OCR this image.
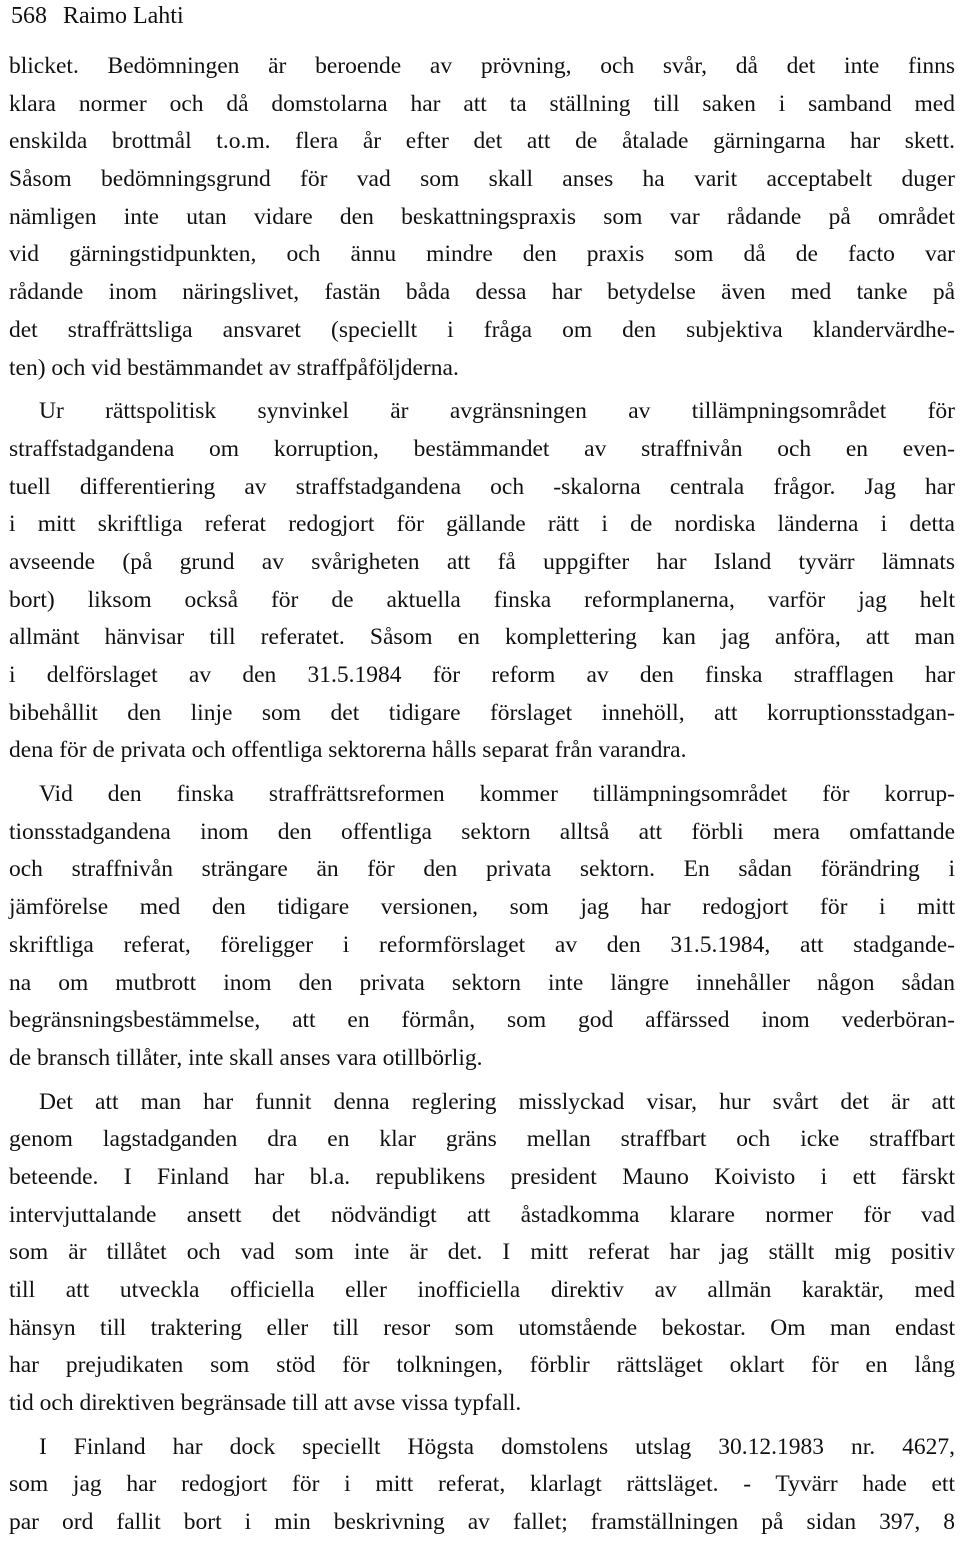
568 Raimo Lahti

blicket. Bedömningen är beroende av prövning, och svår, då det inte finns
klara normer och då domstolarna har att ta ställning till saken i samband med
enskilda brottmål t.o.m. flera år efter det att de åtalade gärningarna har skett.
Såsom bedömningsgrund för vad som skall anses ha varit acceptabelt duger
nämligen inte utan vidare den beskattningspraxis som var rådande på området
vid gärningstidpunkten, och ännu mindre den praxis som då de facto var
rådande inom näringslivet, fastän båda dessa har betydelse även med tanke på
det straffrättsliga ansvaret (speciellt i fråga om den subjektiva klandervärdhe-
ten) och vid bestämmandet av straffpåföljderna.

Ur rättspolitisk synvinkel är avgränsningen av tillämpningsområdet för
straffstadgandena om korruption, bestämmandet av straffnivån och en even-
tuell differentiering av straffstadgandena och -skalorna centrala frågor. Jag har
i mitt skriftliga referat redogjort för gällande rätt i de nordiska länderna i detta
avseende (på grund av svårigheten att få uppgifter har Island tyvärr lämnats
bort) liksom också för de aktuella finska reformplanerna, varför jag helt
allmänt hänvisar till referatet. Såsom en komplettering kan jag anföra, att man
i delförslaget av den 31.5.1984 för reform av den finska strafflagen har
bibehållit den linje som det tidigare förslaget innehöll, att korruptionsstadgan-
dena för de privata och offentliga sektorerna hålls separat från varandra.

Vid den finska straffrättsreformen kommer tillämpningsområdet för korrup-
tionsstadgandena inom den offentliga sektorn alltså att förbli mera omfattande
och straffnivån strängare än för den privata sektorn. En sådan förändring i
jämförelse med den tidigare versionen, som jag har redogjort för i mitt
skriftliga referat, föreligger i reformförslaget av den 31.5.1984, att stadgande-
na om mutbrott inom den privata sektorn inte längre innehåller någon sådan
begränsningsbestämmelse, att en förmån, som god affärssed inom vederböran-
de bransch tillåter, inte skall anses vara otillbörlig.

Det att man har funnit denna reglering misslyckad visar, hur svårt det är att
genom lagstadganden dra en klar gräns mellan straffbart och icke straffbart
beteende. I Finland har bl.a. republikens president Mauno Koivisto i ett färskt
intervjuttalande ansett det nödvändigt att åstadkomma klarare normer för vad
som är tillåtet och vad som inte är det. I mitt referat har jag ställt mig positiv
till att utveckla officiella eller inofficiella direktiv av allmän karaktär, med
hänsyn till traktering eller till resor som utomstående bekostar. Om man endast
har prejudikaten som stöd för tolkningen, förblir rättsläget oklart för en lång
tid och direktiven begränsade till att avse vissa typfall.

I Finland har dock speciellt Högsta domstolens utslag 30.12.1983 nr. 4627,
som jag har redogjort för i mitt referat, klarlagt rättsläget. - Tyvärr hade ett
par ord fallit bort i min beskrivning av fallet; framställningen på sidan 397, 8
